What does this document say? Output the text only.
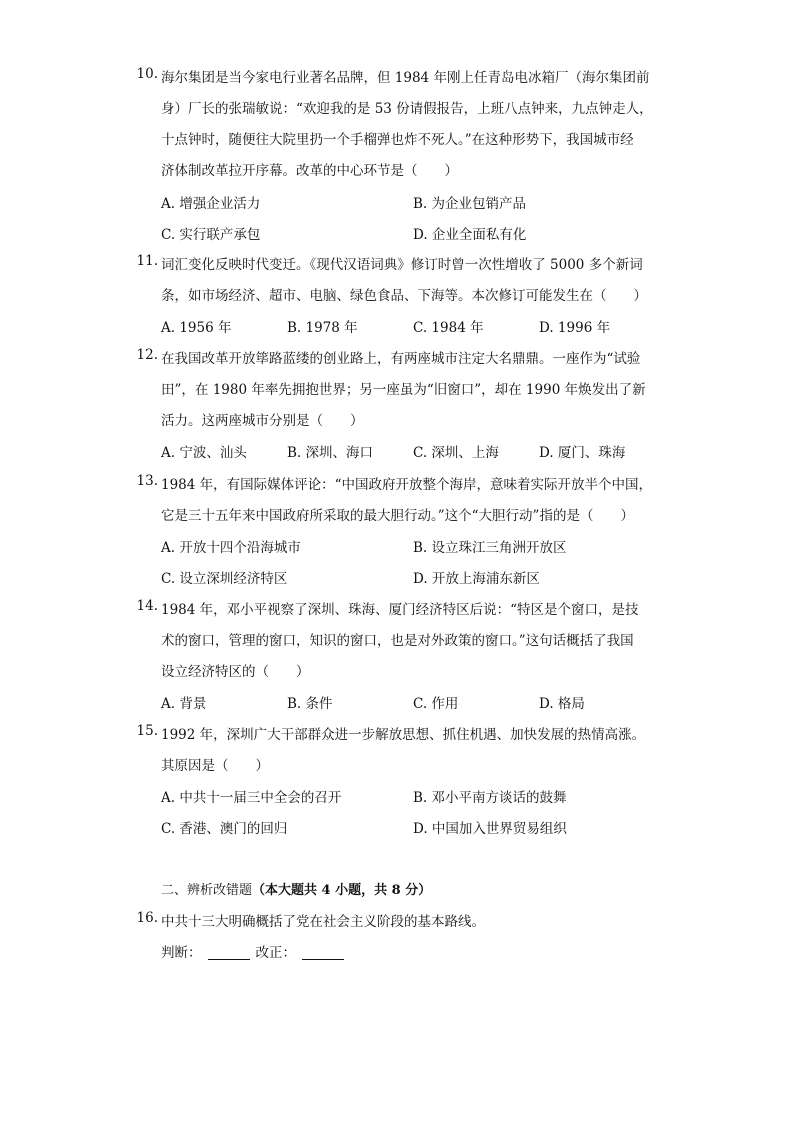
10. 海尔集团是当今家电行业著名品牌，但 1984 年刚上任青岛电冰箱厂（海尔集团前
身）厂长的张瑞敏说：“欢迎我的是 53 份请假报告，上班八点钟来，九点钟走人，
十点钟时，随便往大院里扔一个手榴弹也炸不死人。”在这种形势下，我国城市经
济体制改革拉开序幕。改革的中心环节是（　　）
A. 增强企业活力	B. 为企业包销产品
C. 实行联产承包	D. 企业全面私有化
11. 词汇变化反映时代变迁。《现代汉语词典》修订时曾一次性增收了 5000 多个新词
条，如市场经济、超市、电脑、绿色食品、下海等。本次修订可能发生在（　　）
A. 1956 年	B. 1978 年	C. 1984 年	D. 1996 年
12. 在我国改革开放筚路蓝缕的创业路上，有两座城市注定大名鼎鼎。一座作为“试验
田”，在 1980 年率先拥抱世界；另一座虽为“旧窗口”，却在 1990 年焕发出了新
活力。这两座城市分别是（　　）
A. 宁波、汕头	B. 深圳、海口	C. 深圳、上海	D. 厦门、珠海
13. 1984 年，有国际媒体评论：“中国政府开放整个海岸，意味着实际开放半个中国，
它是三十五年来中国政府所采取的最大胆行动。”这个“大胆行动”指的是（　　）
A. 开放十四个沿海城市	B. 设立珠江三角洲开放区
C. 设立深圳经济特区	D. 开放上海浦东新区
14. 1984 年，邓小平视察了深圳、珠海、厦门经济特区后说：“特区是个窗口，是技
术的窗口，管理的窗口，知识的窗口，也是对外政策的窗口。”这句话概括了我国
设立经济特区的（　　）
A. 背景	B. 条件	C. 作用	D. 格局
15. 1992 年，深圳广大干部群众进一步解放思想、抓住机遇、加快发展的热情高涨。
其原因是（　　）
A. 中共十一届三中全会的召开	B. 邓小平南方谈话的鼓舞
C. 香港、澳门的回归	D. 中国加入世界贸易组织
二、辨析改错题（本大题共 4 小题，共 8 分）
16. 中共十三大明确概括了党在社会主义阶段的基本路线。
判断：	改正：
